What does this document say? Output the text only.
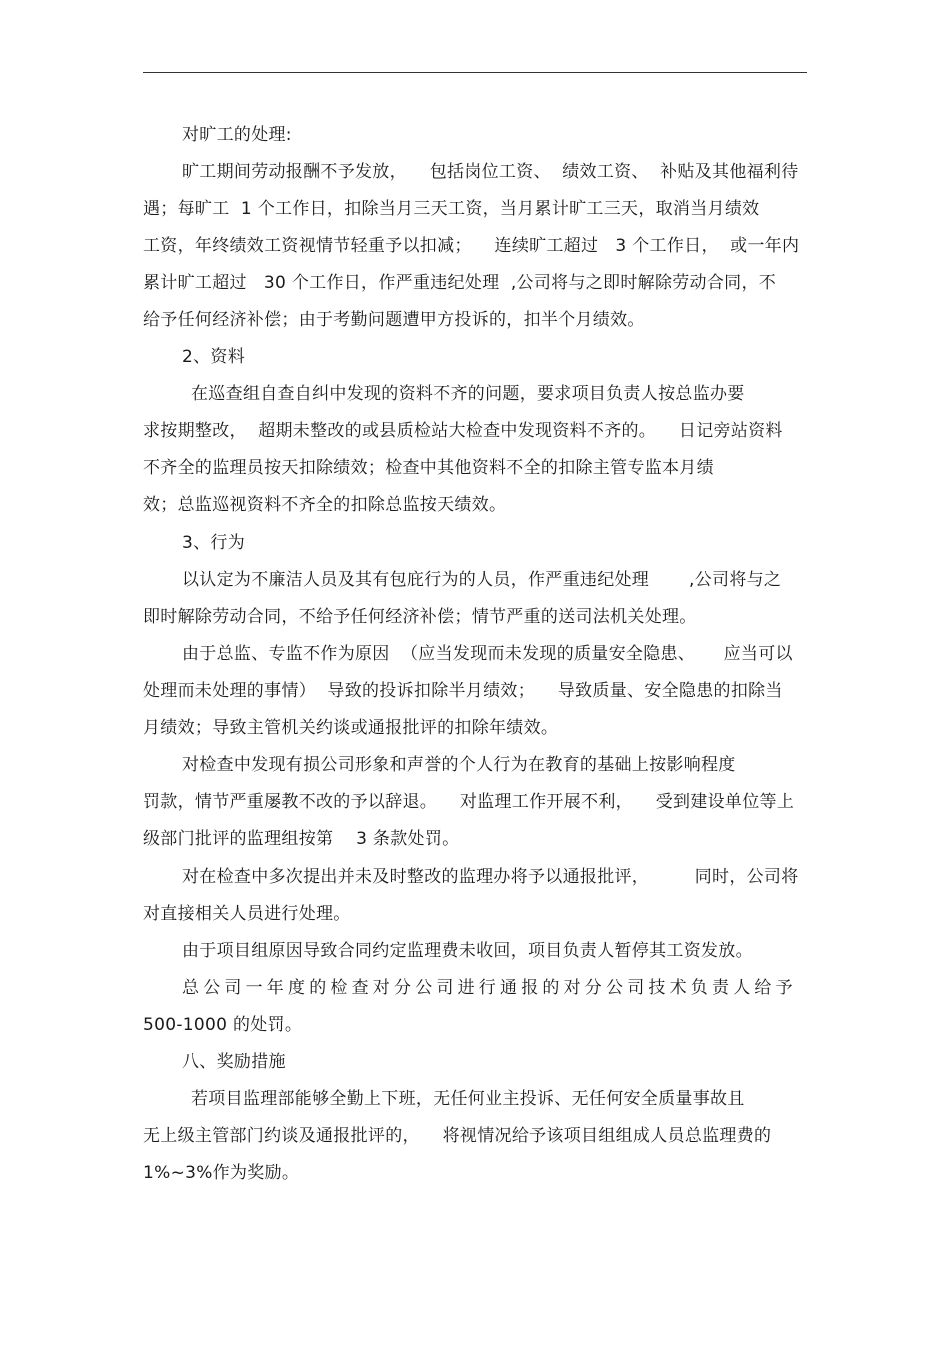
对旷工的处理:
旷工期间劳动报酬不予发放，    包括岗位工资、  绩效工资、  补贴及其他福利待
遇；每旷工  1 个工作日，扣除当月三天工资，当月累计旷工三天，取消当月绩效
工资，年终绩效工资视情节轻重予以扣减；    连续旷工超过   3 个工作日，  或一年内
累计旷工超过   30 个工作日，作严重违纪处理  ,公司将与之即时解除劳动合同，不
给予任何经济补偿；由于考勤问题遭甲方投诉的，扣半个月绩效。
2、资料
在巡查组自查自纠中发现的资料不齐的问题，要求项目负责人按总监办要
求按期整改，  超期未整改的或县质检站大检查中发现资料不齐的。    日记旁站资料
不齐全的监理员按天扣除绩效；检查中其他资料不全的扣除主管专监本月绩
效；总监巡视资料不齐全的扣除总监按天绩效。
3、行为
以认定为不廉洁人员及其有包庇行为的人员，作严重违纪处理       ,公司将与之
即时解除劳动合同，不给予任何经济补偿；情节严重的送司法机关处理。
由于总监、专监不作为原因  （应当发现而未发现的质量安全隐患、     应当可以
处理而未处理的事情）  导致的投诉扣除半月绩效；    导致质量、安全隐患的扣除当
月绩效；导致主管机关约谈或通报批评的扣除年绩效。
对检查中发现有损公司形象和声誉的个人行为在教育的基础上按影响程度
罚款，情节严重屡教不改的予以辞退。    对监理工作开展不利，    受到建设单位等上
级部门批评的监理组按第    3 条款处罚。
对在检查中多次提出并未及时整改的监理办将予以通报批评，        同时，公司将
对直接相关人员进行处理。
由于项目组原因导致合同约定监理费未收回，项目负责人暂停其工资发放。
总公司一年度的检查对分公司进行通报的对分公司技术负责人给予
500-1000 的处罚。
八、奖励措施
若项目监理部能够全勤上下班，无任何业主投诉、无任何安全质量事故且
无上级主管部门约谈及通报批评的，    将视情况给予该项目组组成人员总监理费的
1%~3%作为奖励。
